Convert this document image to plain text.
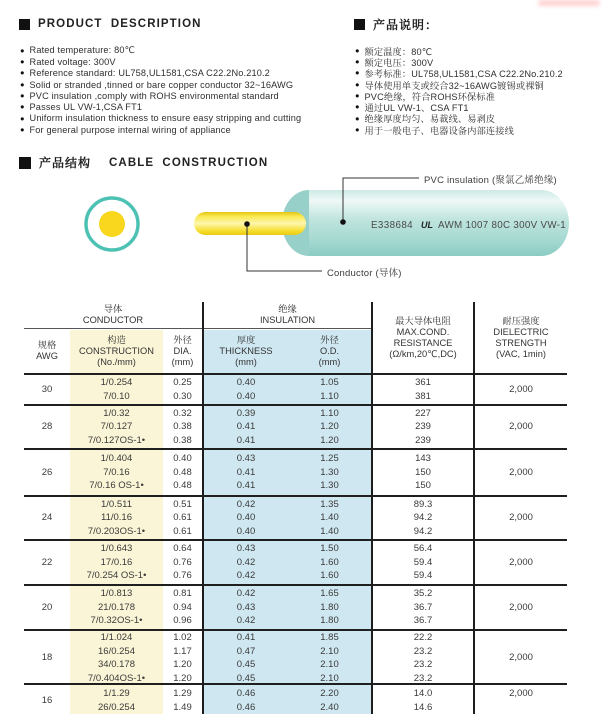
PRODUCT DESCRIPTION	产品说明：
● Rated temperature: 80℃
● Rated voltage: 300V
● Reference standard: UL758,UL1581,CSA C22.2No.210.2
● Solid or stranded ,tinned or bare copper conductor 32~16AWG
● PVC insulation ,comply with ROHS environmental standard
● Passes UL VW-1,CSA FT1
● Uniform insulation thickness to ensure easy stripping and cutting
● For general purpose internal wiring of appliance
● 额定温度：80℃
● 额定电压：300V
● 参考标准：UL758,UL1581,CSA C22.2No.210.2
● 导体使用单支或绞合32~16AWG镀锡或裸铜
● PVC绝缘，符合ROHS环保标准
● 通过UL VW-1、CSA FT1
● 绝缘厚度均匀、易裁线、易剥皮
● 用于一般电子、电器设备内部连接线
产品结构 CABLE CONSTRUCTION
E338684 UL AWM 1007 80C 300V VW-1
PVC insulation (聚氯乙烯绝缘)
Conductor (导体)
导体
CONDUCTOR
绝缘
INSULATION
规格
AWG
构造
CONSTRUCTION
(No./mm)
外径
DIA.
(mm)
厚度
THICKNESS
(mm)
外径
O.D.
(mm)
最大导体电阻
MAX.COND.
RESISTANCE
(Ω/km,20℃,DC)
耐压强度
DIELECTRIC
STRENGTH
(VAC, 1min)
30
1/0.254
7/0.10
0.25
0.30
0.40
0.40
1.05
1.10
361
381
2,000
28
1/0.32
7/0.127
7/0.127OS-1•
0.32
0.38
0.38
0.39
0.41
0.41
1.10
1.20
1.20
227
239
239
2,000
26
1/0.404
7/0.16
7/0.16 OS-1•
0.40
0.48
0.48
0.43
0.41
0.41
1.25
1.30
1.30
143
150
150
2,000
24
1/0.511
11/0.16
7/0.203OS-1•
0.51
0.61
0.61
0.42
0.40
0.40
1.35
1.40
1.40
89.3
94.2
94.2
2,000
22
1/0.643
17/0.16
7/0.254 OS-1•
0.64
0.76
0.76
0.43
0.42
0.42
1.50
1.60
1.60
56.4
59.4
59.4
2,000
20
1/0.813
21/0.178
7/0.32OS-1•
0.81
0.94
0.96
0.42
0.43
0.42
1.65
1.80
1.80
35.2
36.7
36.7
2,000
18
1/1.024
16/0.254
34/0.178
7/0.404OS-1•
1.02
1.17
1.20
1.20
0.41
0.47
0.45
0.45
1.85
2.10
2.10
2.10
22.2
23.2
23.2
23.2
2,000
16
1/1.29
26/0.254
1.29
1.49
0.46
0.46
2.20
2.40
14.0
14.6
2,000
